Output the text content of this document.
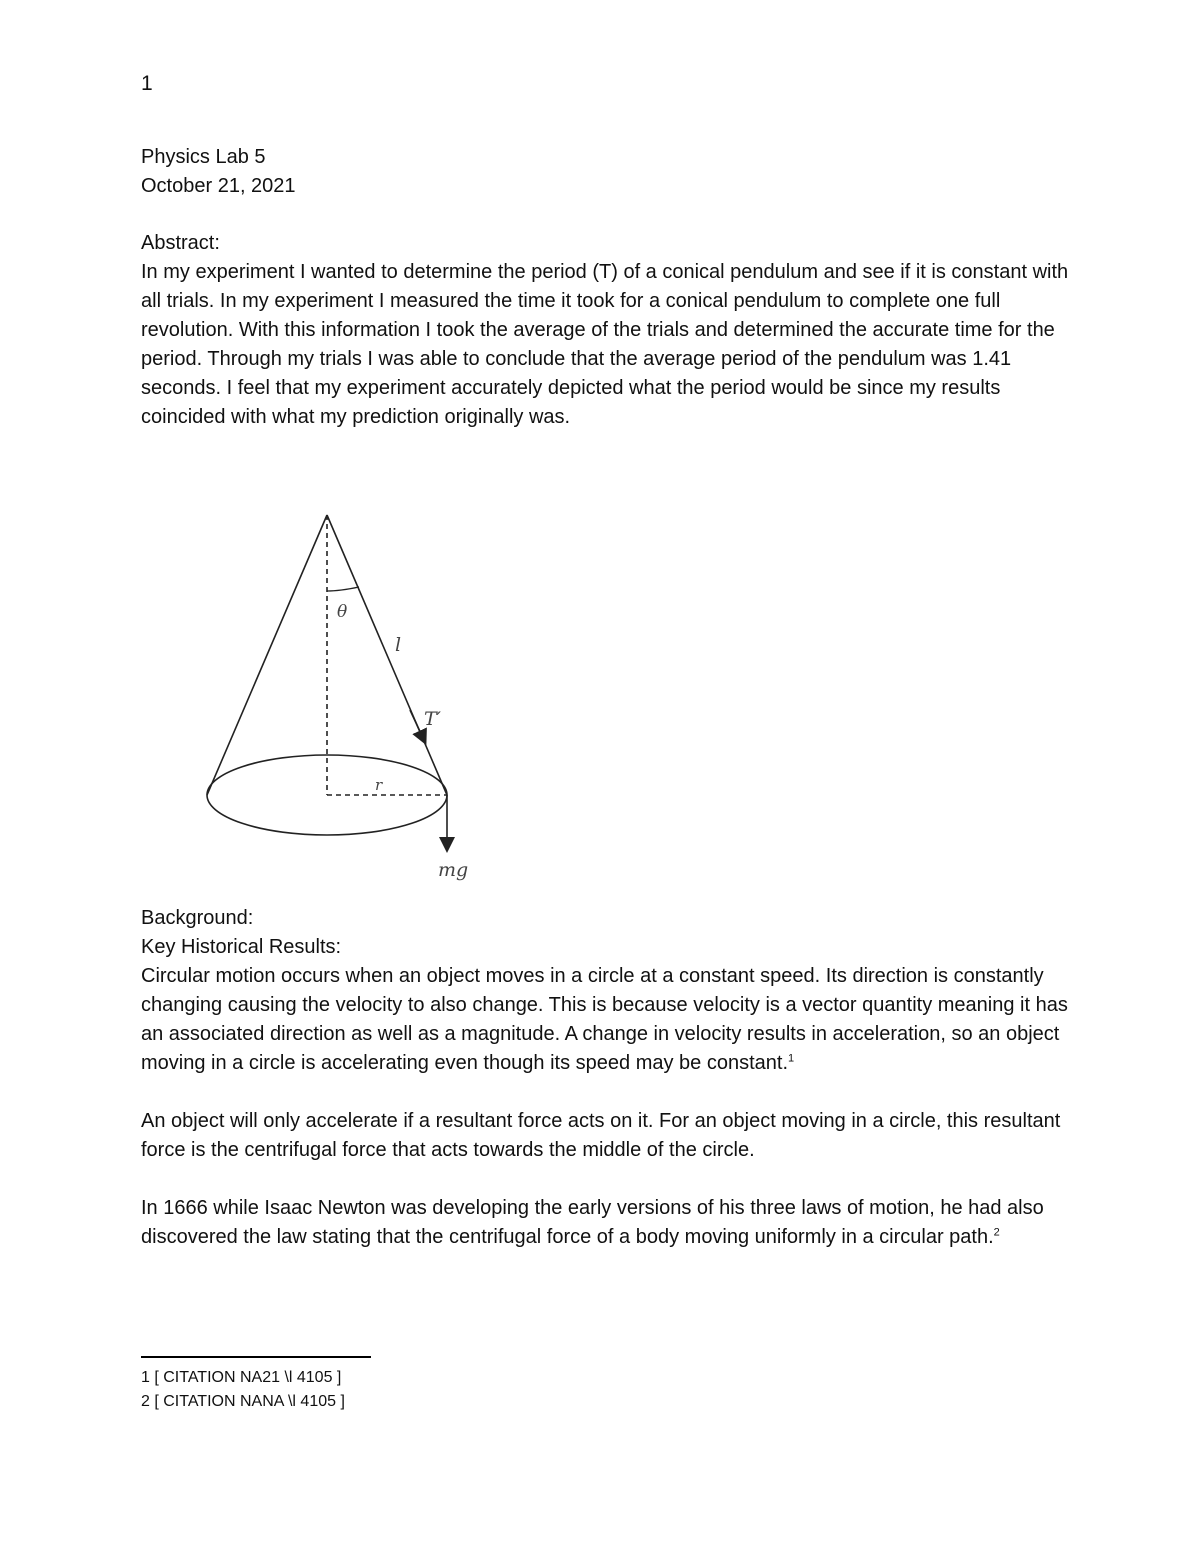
1

Physics Lab 5

October 21, 2021

Abstract:

In my experiment I wanted to determine the period (T) of a conical pendulum and see if it is constant with all trials. In my experiment I measured the time it took for a conical pendulum to complete one full revolution. With this information I took the average of the trials and determined the accurate time for the period. Through my trials I was able to conclude that the average period of the pendulum was 1.41 seconds. I feel that my experiment accurately depicted what the period would be since my results coincided with what my prediction originally was.

θ
l
T′
r
mg

Background:

Key Historical Results:

Circular motion occurs when an object moves in a circle at a constant speed. Its direction is constantly changing causing the velocity to also change. This is because velocity is a vector quantity meaning it has an associated direction as well as a magnitude. A change in velocity results in acceleration, so an object moving in a circle is accelerating even though its speed may be constant.$^1$

An object will only accelerate if a resultant force acts on it. For an object moving in a circle, this resultant force is the centrifugal force that acts towards the middle of the circle.

In 1666 while Isaac Newton was developing the early versions of his three laws of motion, he had also discovered the law stating that the centrifugal force of a body moving uniformly in a circular path.$^2$

1 [ CITATION NA21 \l 4105 ]

2 [ CITATION NANA \l 4105 ]
